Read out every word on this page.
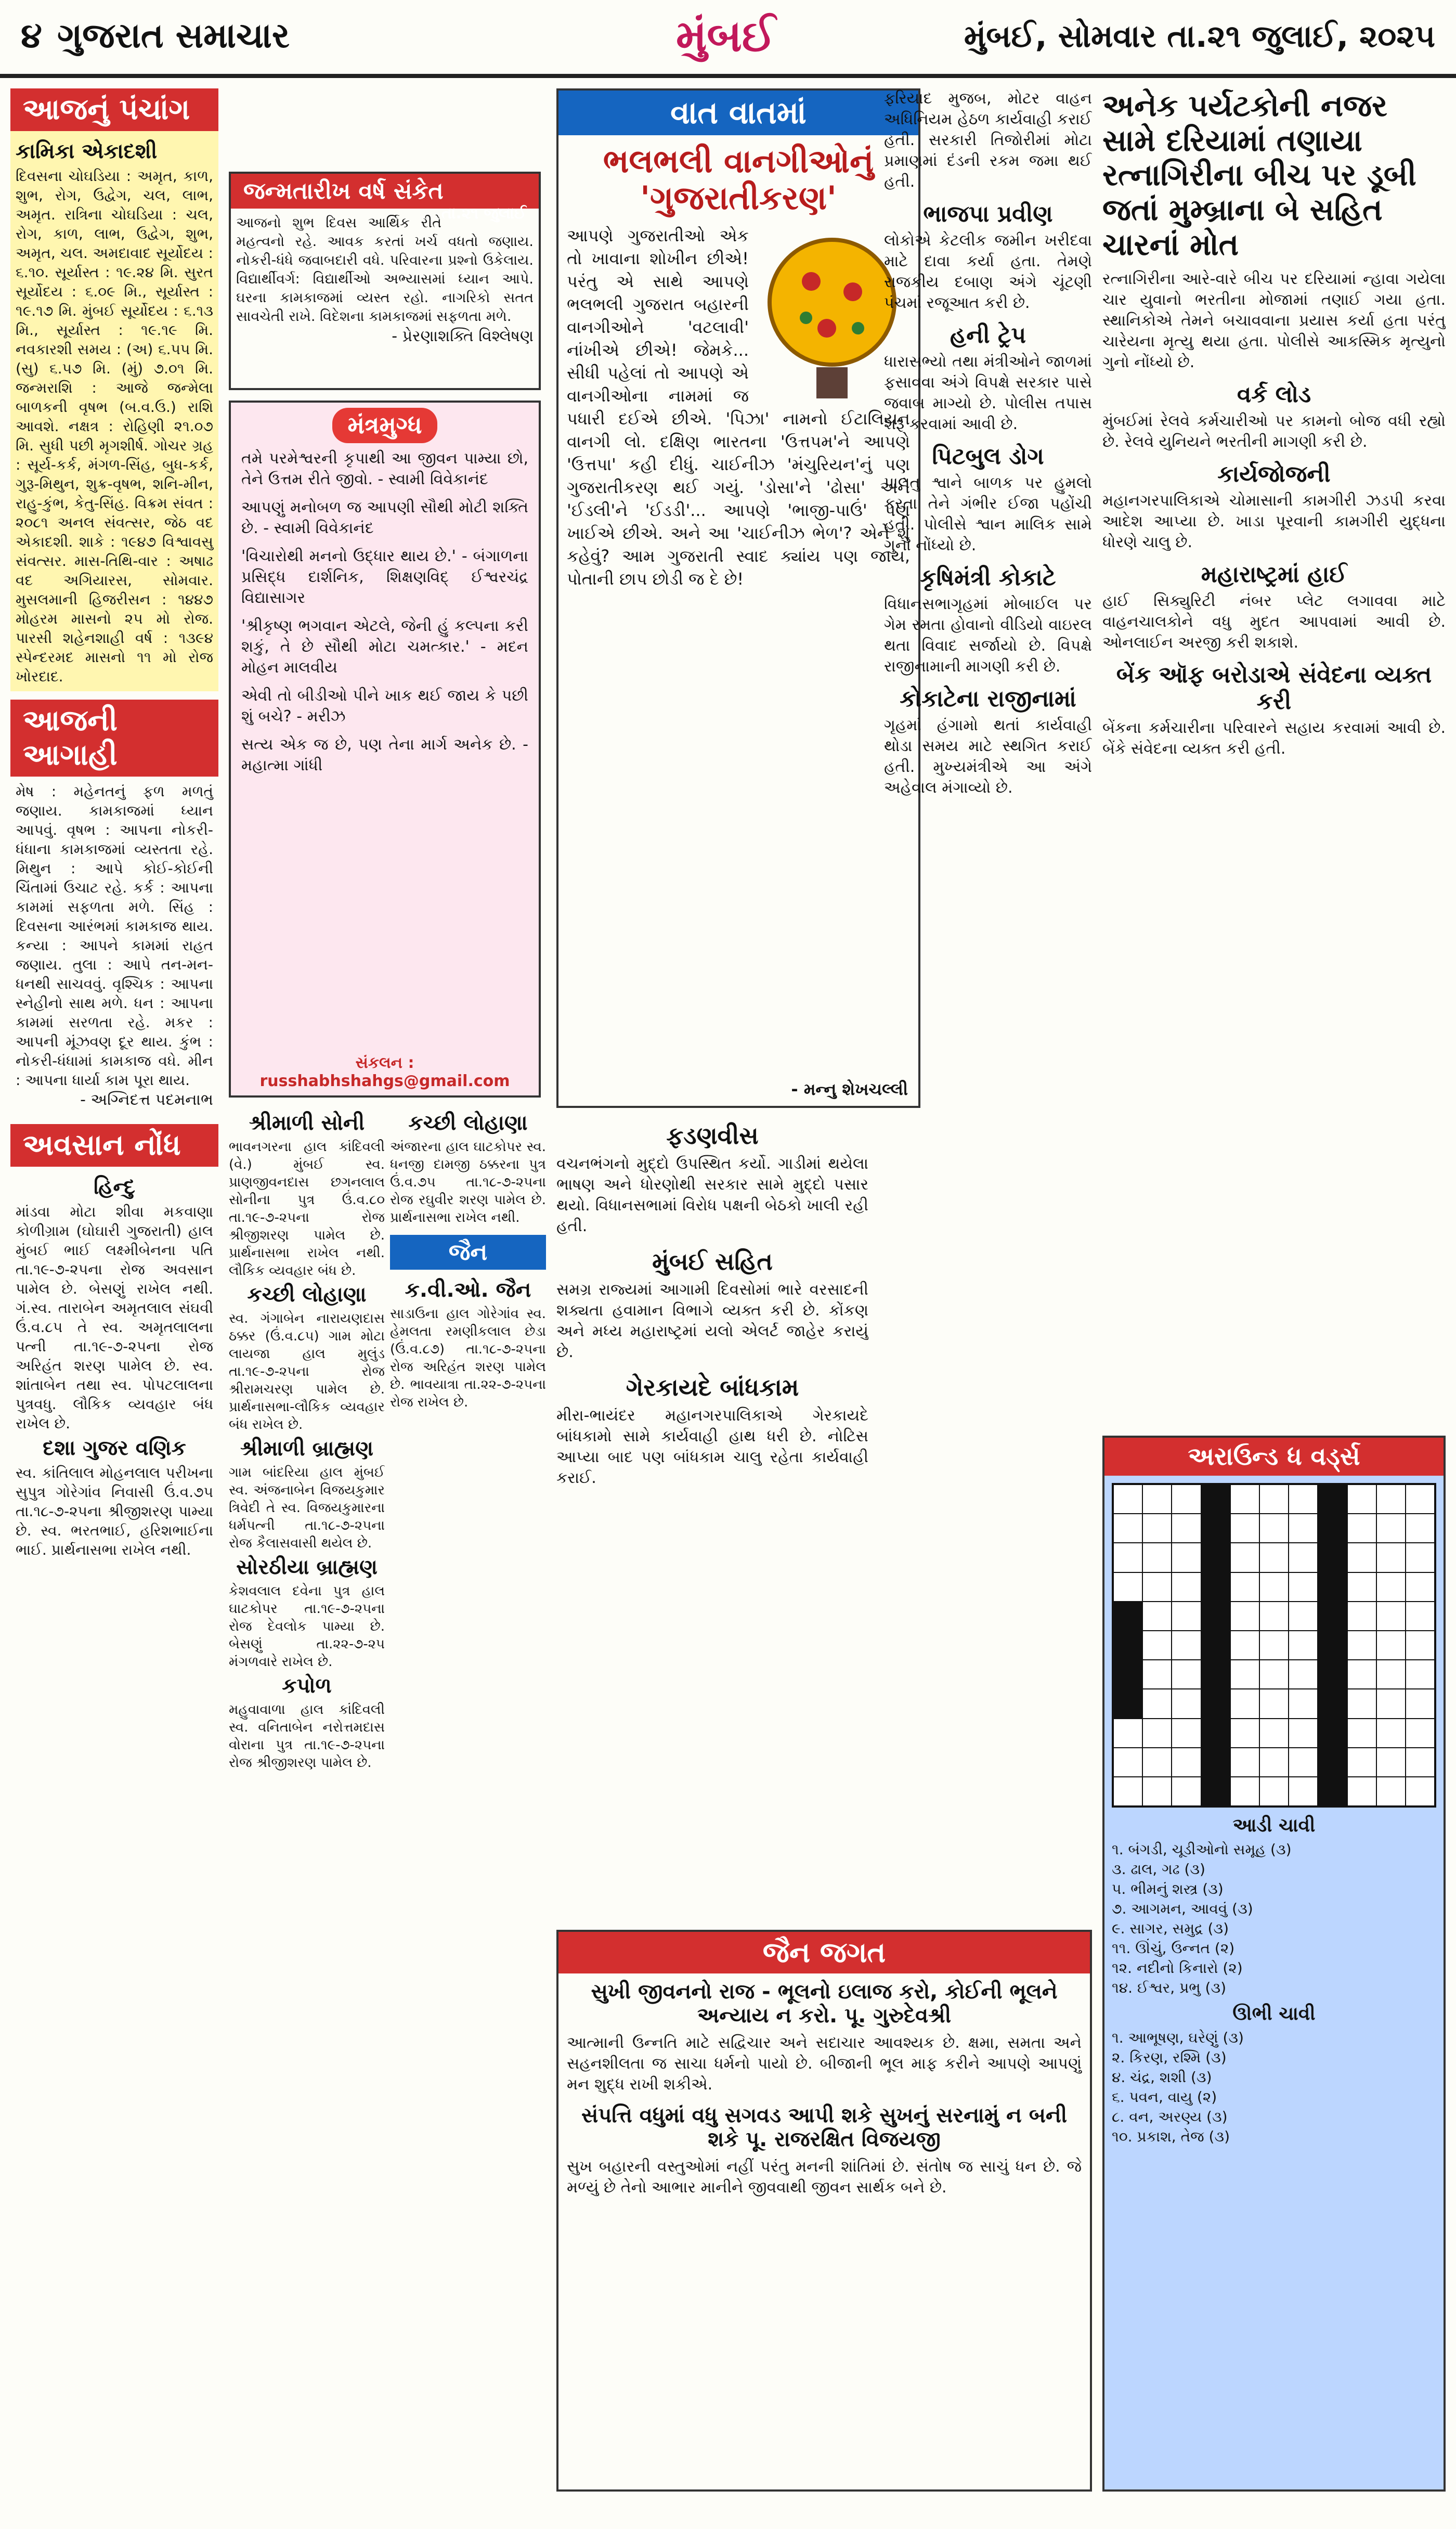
૪ ગુજરાત સમાચાર	મુંબઈ	મુંબઈ, સોમવાર તા.૨૧ જુલાઈ, ૨૦૨૫
આજનું પંચાંગ
કામિકા એકાદશી
દિવસના ચોઘડિયા : અમૃત, કાળ, શુભ, રોગ, ઉદ્વેગ, ચલ, લાભ, અમૃત. રાત્રિના ચોઘડિયા : ચલ, રોગ, કાળ, લાભ, ઉદ્વેગ, શુભ, અમૃત, ચલ. અમદાવાદ સૂર્યોદય : ૬.૧૦. સૂર્યાસ્ત : ૧૯.૨૪ મિ. સુરત સૂર્યોદય : ૬.૦૯ મિ., સૂર્યાસ્ત : ૧૯.૧૭ મિ. મુંબઈ સૂર્યોદય : ૬.૧૩ મિ., સૂર્યાસ્ત : ૧૯.૧૯ મિ. નવકારશી સમય : (અ) ૬.૫૫ મિ. (સુ) ૬.૫૭ મિ. (મું) ૭.૦૧ મિ. જન્મરાશિ : આજે જન્મેલા બાળકની વૃષભ (બ.વ.ઉ.) રાશિ આવશે. નક્ષત્ર : રોહિણી ૨૧.૦૭ મિ. સુધી પછી મૃગશીર્ષ. ગોચર ગ્રહ : સૂર્ય-કર્ક, મંગળ-સિંહ, બુધ-કર્ક, ગુરૂ-મિથુન, શુક્ર-વૃષભ, શનિ-મીન, રાહુ-કુંભ, કેતુ-સિંહ. વિક્રમ સંવત : ૨૦૮૧ અનલ સંવત્સર, જેઠ વદ એકાદશી. શાકે : ૧૯૪૭ વિશ્વાવસુ સંવત્સર. માસ-તિથિ-વાર : અષાઢ વદ અગિયારસ, સોમવાર. મુસલમાની હિજરીસન : ૧૪૪૭ મોહરમ માસનો ૨૫ મો રોજ. પારસી શહેનશાહી વર્ષ : ૧૩૯૪ સ્પેન્દરમદ માસનો ૧૧ મો રોજ ખોરદાદ.
આજની આગાહી
મેષ : મહેનતનું ફળ મળતું જણાય. કામકાજમાં ધ્યાન આપવું. વૃષભ : આપના નોકરી-ધંધાના કામકાજમાં વ્યસ્તતા રહે. મિથુન : આપે કોઈ-કોઈની ચિંતામાં ઉચાટ રહે. કર્ક : આપના કામમાં સફળતા મળે. સિંહ : દિવસના આરંભમાં કામકાજ થાય. કન્યા : આપને કામમાં રાહત જણાય. તુલા : આપે તન-મન-ધનથી સાચવવું. વૃશ્ચિક : આપના સ્નેહીનો સાથ મળે. ધન : આપના કામમાં સરળતા રહે. મકર : આપની મૂંઝવણ દૂર થાય. કુંભ : નોકરી-ધંધામાં કામકાજ વધે. મીન : આપના ધાર્યા કામ પૂરા થાય.
- અગ્નિદત્ત પદમનાભ
અવસાન નોંધ
હિન્દુ
માંડવા મોટા શીવા મકવાણા કોળીગ્રામ (ઘોઘારી ગુજરાતી) હાલ મુંબઈ ભાઈ લક્ષ્મીબેનના પતિ તા.૧૯-૭-૨૫ના રોજ અવસાન પામેલ છે. બેસણું રાખેલ નથી. ગં.સ્વ. તારાબેન અમૃતલાલ સંઘવી ઉં.વ.૮૫ તે સ્વ. અમૃતલાલના પત્ની તા.૧૯-૭-૨૫ના રોજ અરિહંત શરણ પામેલ છે. સ્વ. શાંતાબેન તથા સ્વ. પોપટલાલના પુત્રવધુ. લૌકિક વ્યવહાર બંધ રાખેલ છે.
દશા ગુજર વણિક
સ્વ. કાંતિલાલ મોહનલાલ પરીખના સુપુત્ર ગોરેગાંવ નિવાસી ઉં.વ.૭૫ તા.૧૮-૭-૨૫ના શ્રીજીશરણ પામ્યા છે. સ્વ. ભરતભાઈ, હરિશભાઈના ભાઈ. પ્રાર્થનાસભા રાખેલ નથી.
જન્મતારીખ વર્ષ સંકેત
તા.૨૧ જુલાઈ
આજનો શુભ દિવસ આર્થિક રીતે મહત્વનો રહે. આવક કરતાં ખર્ચ વધતો જણાય. નોકરી-ધંધે જવાબદારી વધે. પરિવારના પ્રશ્નો ઉકેલાય. વિદ્યાર્થીવર્ગ: વિદ્યાર્થીઓ અભ્યાસમાં ધ્યાન આપે. ઘરના કામકાજમાં વ્યસ્ત રહો. નાગરિકો સતત સાવચેતી રાખે. વિદેશના કામકાજમાં સફળતા મળે.
- પ્રેરણાશક્તિ વિશ્લેષણ
મંત્રમુગ્ધ
તમે પરમેશ્વરની કૃપાથી આ જીવન પામ્યા છો, તેને ઉત્તમ રીતે જીવો. - સ્વામી વિવેકાનંદ
આપણું મનોબળ જ આપણી સૌથી મોટી શક્તિ છે. - સ્વામી વિવેકાનંદ
'વિચારોથી મનનો ઉદ્ધાર થાય છે.' - બંગાળના પ્રસિદ્ધ દાર્શનિક, શિક્ષણવિદ્ ઈશ્વરચંદ્ર વિદ્યાસાગર
'શ્રીકૃષ્ણ ભગવાન એટલે, જેની હું કલ્પના કરી શકું, તે છે સૌથી મોટા ચમત્કાર.' - મદન મોહન માલવીય
એવી તો બીડીઓ પીને ખાક થઈ જાય કે પછી શું બચે? - મરીઝ
સત્ય એક જ છે, પણ તેના માર્ગ અનેક છે. - મહાત્મા ગાંધી
સંકલન : russhabhshahgs@gmail.com
શ્રીમાળી સોની
ભાવનગરના હાલ કાંદિવલી (વે.) મુંબઈ સ્વ. પ્રાણજીવનદાસ છગનલાલ સોનીના પુત્ર ઉં.વ.૮૦ તા.૧૯-૭-૨૫ના રોજ શ્રીજીશરણ પામેલ છે. પ્રાર્થનાસભા રાખેલ નથી. લૌકિક વ્યવહાર બંધ છે.
કચ્છી લોહાણા
સ્વ. ગંગાબેન નારાયણદાસ ઠક્કર (ઉં.વ.૮૫) ગામ મોટા લાયજા હાલ મુલુંડ તા.૧૯-૭-૨૫ના રોજ શ્રીરામચરણ પામેલ છે. પ્રાર્થનાસભા-લૌકિક વ્યવહાર બંધ રાખેલ છે.
શ્રીમાળી બ્રાહ્મણ
ગામ બાંદરિયા હાલ મુંબઈ સ્વ. અંજનાબેન વિજયકુમાર ત્રિવેદી તે સ્વ. વિજયકુમારના ધર્મપત્ની તા.૧૮-૭-૨૫ના રોજ કૈલાસવાસી થયેલ છે.
સોરઠીયા બ્રાહ્મણ
કેશવલાલ દવેના પુત્ર હાલ ઘાટકોપર તા.૧૯-૭-૨૫ના રોજ દેવલોક પામ્યા છે. બેસણું તા.૨૨-૭-૨૫ મંગળવારે રાખેલ છે.
કપોળ
મહુવાવાળા હાલ કાંદિવલી સ્વ. વનિતાબેન નરોત્તમદાસ વોરાના પુત્ર તા.૧૯-૭-૨૫ના રોજ શ્રીજીશરણ પામેલ છે.
કચ્છી લોહાણા
અંજારના હાલ ઘાટકોપર સ્વ. ધનજી દામજી ઠક્કરના પુત્ર ઉં.વ.૭૫ તા.૧૮-૭-૨૫ના રોજ રઘુવીર શરણ પામેલ છે. પ્રાર્થનાસભા રાખેલ નથી.
જૈન
ક.વી.ઓ. જૈન
સાડાઉના હાલ ગોરેગાંવ સ્વ. હેમલતા રમણીકલાલ છેડા (ઉં.વ.૮૭) તા.૧૮-૭-૨૫ના રોજ અરિહંત શરણ પામેલ છે. ભાવયાત્રા તા.૨૨-૭-૨૫ના રોજ રાખેલ છે.
વાત વાતમાં
ભલભલી વાનગીઓનું 'ગુજરાતીકરણ'
આપણે ગુજરાતીઓ એક તો ખાવાના શોખીન છીએ! પરંતુ એ સાથે આપણે ભલભલી ગુજરાત બહારની વાનગીઓને 'વટલાવી' નાંખીએ છીએ! જેમકે... સીધી પહેલાં તો આપણે એ વાનગીઓના નામમાં જ પધારી દઈએ છીએ. 'પિઝા' નામનો ઈટાલિયન વાનગી લો. દક્ષિણ ભારતના 'ઉત્તપમ'ને આપણે 'ઉત્તપા' કહી દીધું. ચાઈનીઝ 'મંચુરિયન'નું પણ ગુજરાતીકરણ થઈ ગયું. 'ડોસા'ને 'ઢોસા' અને 'ઈડલી'ને 'ઈડડી'... આપણે 'ભાજી-પાઉં' પણ ખાઈએ છીએ. અને આ 'ચાઈનીઝ ભેળ'? એને શું કહેવું? આમ ગુજરાતી સ્વાદ ક્યાંય પણ જાય, પોતાની છાપ છોડી જ દે છે!
- મન્નુ શેખચલ્લી
ફડણવીસ
વચનભંગનો મુદ્દો ઉપસ્થિત કર્યો. ગાડીમાં થયેલા ભાષણ અને ધોરણોથી સરકાર સામે મુદ્દો પસાર થયો. વિધાનસભામાં વિરોધ પક્ષની બેઠકો ખાલી રહી હતી.
મુંબઈ સહિત
સમગ્ર રાજ્યમાં આગામી દિવસોમાં ભારે વરસાદની શક્યતા હવામાન વિભાગે વ્યક્ત કરી છે. કોંકણ અને મધ્ય મહારાષ્ટ્રમાં યલો એલર્ટ જાહેર કરાયું છે.
ગેરકાયદે બાંધકામ
મીરા-ભાયંદર મહાનગરપાલિકાએ ગેરકાયદે બાંધકામો સામે કાર્યવાહી હાથ ધરી છે. નોટિસ આપ્યા બાદ પણ બાંધકામ ચાલુ રહેતા કાર્યવાહી કરાઈ.
જૈન જગત
સુખી જીવનનો રાજ - ભૂલનો ઇલાજ કરો, કોઈની ભૂલને અન્યાય ન કરો. પૂ. ગુરુદેવશ્રી
આત્માની ઉન્નતિ માટે સદ્વિચાર અને સદાચાર આવશ્યક છે. ક્ષમા, સમતા અને સહનશીલતા જ સાચા ધર્મનો પાયો છે. બીજાની ભૂલ માફ કરીને આપણે આપણું મન શુદ્ધ રાખી શકીએ.
સંપત્તિ વધુમાં વધુ સગવડ આપી શકે સુખનું સરનામું ન બની શકે પૂ. રાજરક્ષિત વિજયજી
સુખ બહારની વસ્તુઓમાં નહીં પરંતુ મનની શાંતિમાં છે. સંતોષ જ સાચું ધન છે. જે મળ્યું છે તેનો આભાર માનીને જીવવાથી જીવન સાર્થક બને છે.
ફરિયાદ મુજબ, મોટર વાહન અધિનિયમ હેઠળ કાર્યવાહી કરાઈ હતી. સરકારી તિજોરીમાં મોટા પ્રમાણમાં દંડની રકમ જમા થઈ હતી.
ભાજપા પ્રવીણ
લોકોએ કેટલીક જમીન ખરીદવા માટે દાવા કર્યા હતા. તેમણે રાજકીય દબાણ અંગે ચૂંટણી પંચમાં રજૂઆત કરી છે.
હની ટ્રેપ
ધારાસભ્યો તથા મંત્રીઓને જાળમાં ફસાવવા અંગે વિપક્ષે સરકાર પાસે જવાબ માગ્યો છે. પોલીસ તપાસ શરૂ કરવામાં આવી છે.
પિટબુલ ડોગ
પાલતુ શ્વાને બાળક પર હુમલો કરતા તેને ગંભીર ઈજા પહોંચી હતી. પોલીસે શ્વાન માલિક સામે ગુનો નોંધ્યો છે.
કૃષિમંત્રી કોકાટે
વિધાનસભાગૃહમાં મોબાઈલ પર ગેમ રમતા હોવાનો વીડિયો વાઇરલ થતા વિવાદ સર્જાયો છે. વિપક્ષે રાજીનામાની માગણી કરી છે.
કોકાટેના રાજીનામાં
ગૃહમાં હંગામો થતાં કાર્યવાહી થોડા સમય માટે સ્થગિત કરાઈ હતી. મુખ્યમંત્રીએ આ અંગે અહેવાલ મંગાવ્યો છે.
અનેક પર્યટકોની નજર સામે દરિયામાં તણાયા રત્નાગિરીના બીચ પર ડૂબી જતાં મુમ્બ્રાના બે સહિત ચારનાં મોત
રત્નાગિરીના આરે-વારે બીચ પર દરિયામાં ન્હાવા ગયેલા ચાર યુવાનો ભરતીના મોજામાં તણાઈ ગયા હતા. સ્થાનિકોએ તેમને બચાવવાના પ્રયાસ કર્યા હતા પરંતુ ચારેયના મૃત્યુ થયા હતા. પોલીસે આકસ્મિક મૃત્યુનો ગુનો નોંધ્યો છે.
વર્ક લોડ
મુંબઈમાં રેલવે કર્મચારીઓ પર કામનો બોજ વધી રહ્યો છે. રેલવે યુનિયને ભરતીની માગણી કરી છે.
કાર્યજોજની
મહાનગરપાલિકાએ ચોમાસાની કામગીરી ઝડપી કરવા આદેશ આપ્યા છે. ખાડા પૂરવાની કામગીરી યુદ્ધના ધોરણે ચાલુ છે.
મહારાષ્ટ્રમાં હાઈ
હાઈ સિક્યુરિટી નંબર પ્લેટ લગાવવા માટે વાહનચાલકોને વધુ મુદત આપવામાં આવી છે. ઓનલાઈન અરજી કરી શકાશે.
બેંક ઑફ બરોડાએ સંવેદના વ્યક્ત કરી
બેંકના કર્મચારીના પરિવારને સહાય કરવામાં આવી છે. બેંકે સંવેદના વ્યક્ત કરી હતી.
અરાઉન્ડ ધ વર્ડ્સ
આડી ચાવી
૧. બંગડી, ચૂડીઓનો સમૂહ (૩)
૩. ઢાલ, ગઢ (૩)
૫. ભીમનું શસ્ત્ર (૩)
૭. આગમન, આવવું (૩)
૯. સાગર, સમુદ્ર (૩)
૧૧. ઊંચું, ઉન્નત (૨)
૧૨. નદીનો કિનારો (૨)
૧૪. ઈશ્વર, પ્રભુ (૩)
ઊભી ચાવી
૧. આભૂષણ, ઘરેણું (૩)
૨. કિરણ, રશ્મિ (૩)
૪. ચંદ્ર, શશી (૩)
૬. પવન, વાયુ (૨)
૮. વન, અરણ્ય (૩)
૧૦. પ્રકાશ, તેજ (૩)
